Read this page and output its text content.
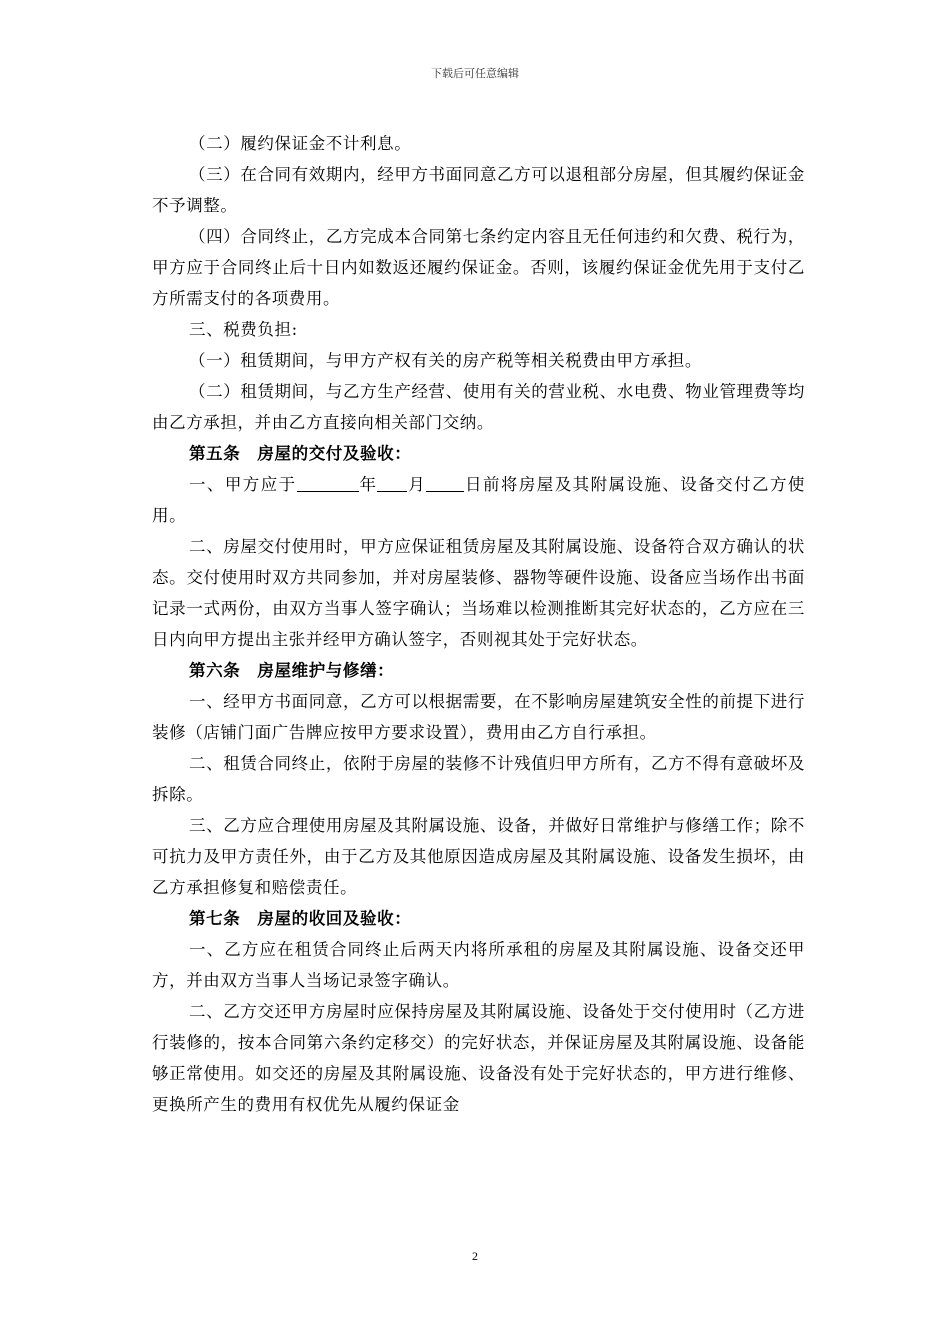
下载后可任意编辑

（二）履约保证金不计利息。

（三）在合同有效期内，经甲方书面同意乙方可以退租部分房屋，但其履约保证金不予调整。

（四）合同终止，乙方完成本合同第七条约定内容且无任何违约和欠费、税行为，甲方应于合同终止后十日内如数返还履约保证金。否则，该履约保证金优先用于支付乙方所需支付的各项费用。

三、税费负担:

（一）租赁期间，与甲方产权有关的房产税等相关税费由甲方承担。

（二）租赁期间，与乙方生产经营、使用有关的营业税、水电费、物业管理费等均由乙方承担，并由乙方直接向相关部门交纳。

第五条　房屋的交付及验收：

一、甲方应于	年 月 日前将房屋及其附属设施、设备交付乙方使用。

二、房屋交付使用时，甲方应保证租赁房屋及其附属设施、设备符合双方确认的状态。交付使用时双方共同参加，并对房屋装修、器物等硬件设施、设备应当场作出书面记录一式两份，由双方当事人签字确认；当场难以检测推断其完好状态的，乙方应在三日内向甲方提出主张并经甲方确认签字，否则视其处于完好状态。

第六条　房屋维护与修缮：

一、经甲方书面同意，乙方可以根据需要，在不影响房屋建筑安全性的前提下进行装修（店铺门面广告牌应按甲方要求设置），费用由乙方自行承担。

二、租赁合同终止，依附于房屋的装修不计残值归甲方所有，乙方不得有意破坏及拆除。

三、乙方应合理使用房屋及其附属设施、设备，并做好日常维护与修缮工作；除不可抗力及甲方责任外，由于乙方及其他原因造成房屋及其附属设施、设备发生损坏，由乙方承担修复和赔偿责任。

第七条　房屋的收回及验收：

一、乙方应在租赁合同终止后两天内将所承租的房屋及其附属设施、设备交还甲方，并由双方当事人当场记录签字确认。

二、乙方交还甲方房屋时应保持房屋及其附属设施、设备处于交付使用时（乙方进行装修的，按本合同第六条约定移交）的完好状态，并保证房屋及其附属设施、设备能够正常使用。如交还的房屋及其附属设施、设备没有处于完好状态的，甲方进行维修、更换所产生的费用有权优先从履约保证金

2
